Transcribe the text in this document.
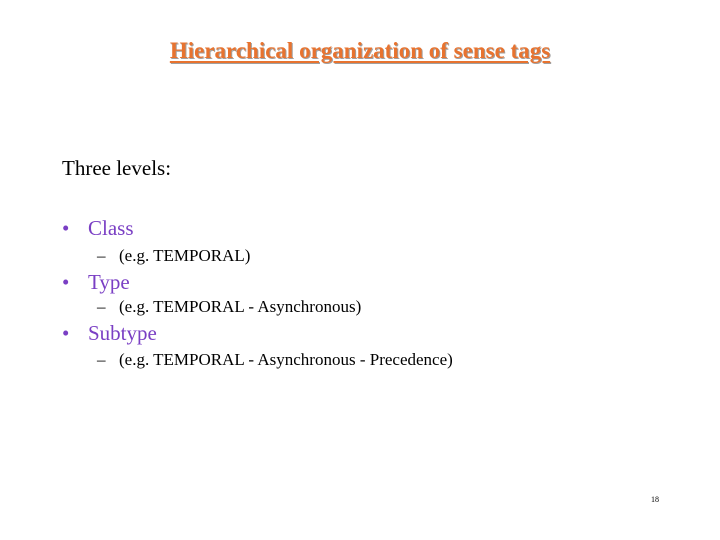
Hierarchical organization of sense tags
Three levels:
• Class
– (e.g. TEMPORAL)
• Type
– (e.g. TEMPORAL - Asynchronous)
• Subtype
– (e.g. TEMPORAL - Asynchronous - Precedence)
18
